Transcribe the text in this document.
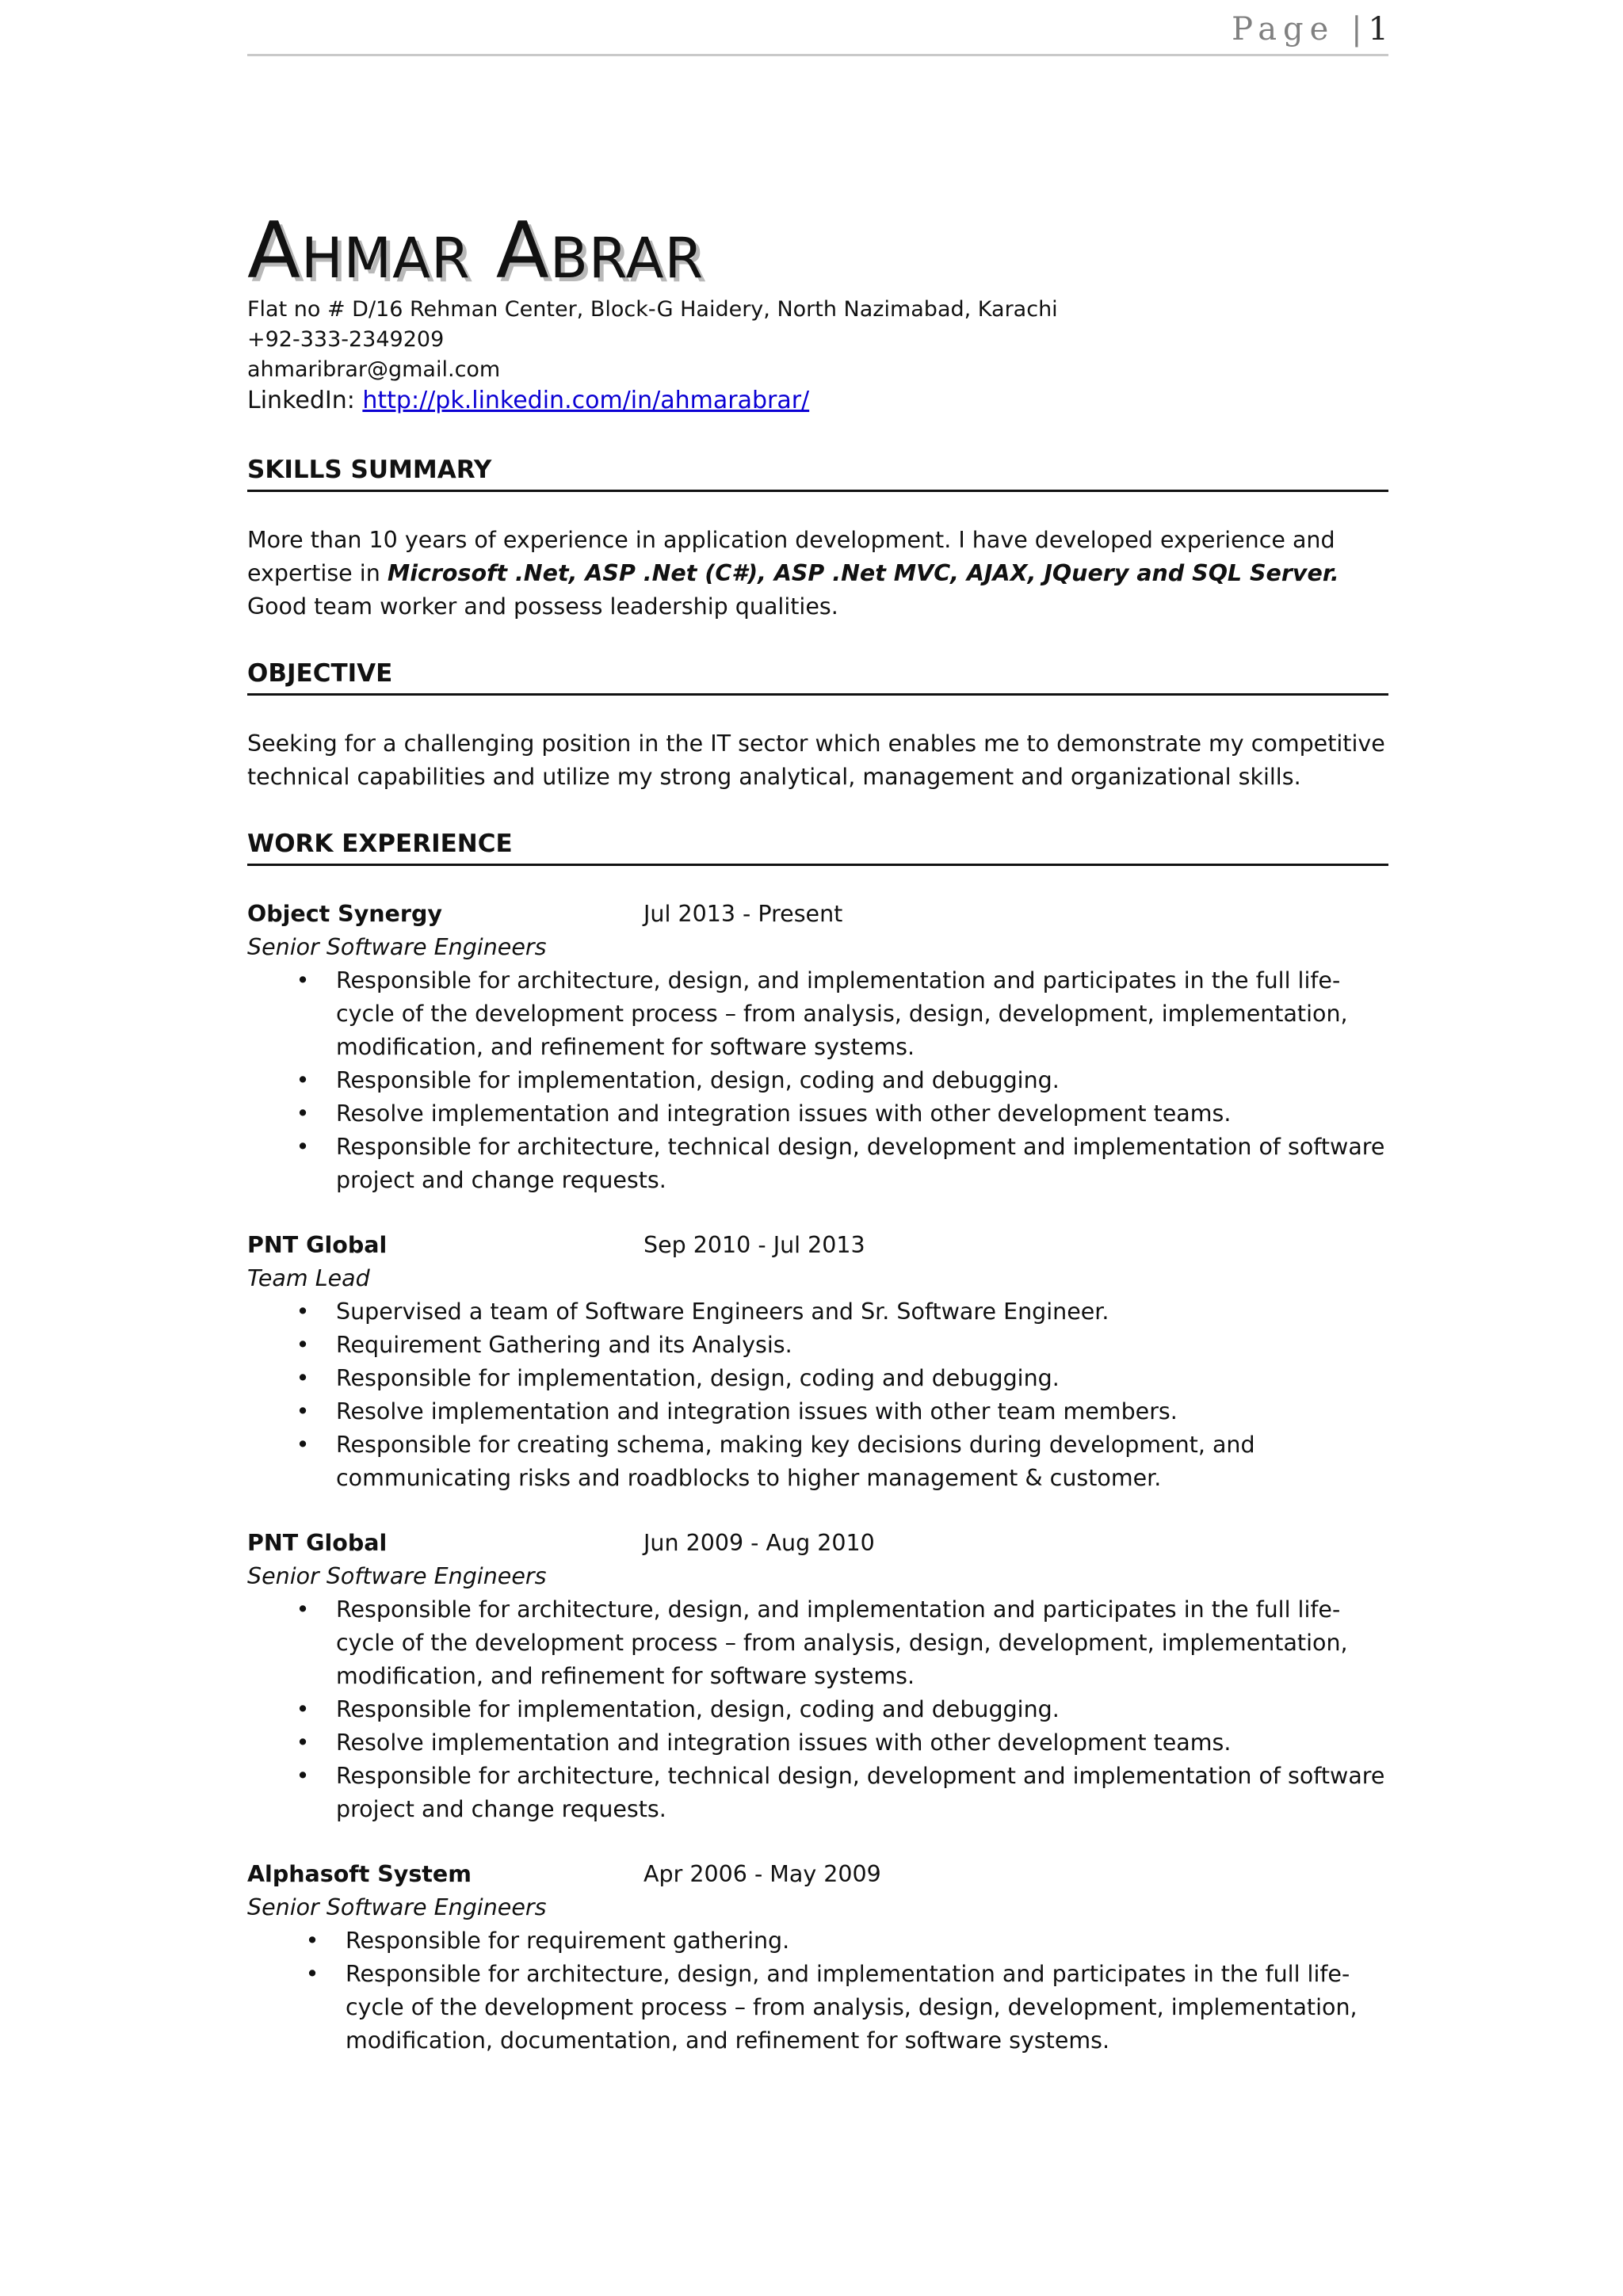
Page |1
AHMAR ABRAR
Flat no # D/16 Rehman Center, Block-G Haidery, North Nazimabad, Karachi
+92-333-2349209
ahmaribrar@gmail.com
LinkedIn: http://pk.linkedin.com/in/ahmarabrar/
SKILLS SUMMARY

More than 10 years of experience in application development. I have developed experience and expertise in Microsoft .Net, ASP .Net (C#), ASP .Net MVC, AJAX, JQuery and SQL Server. Good team worker and possess leadership qualities.

OBJECTIVE

Seeking for a challenging position in the IT sector which enables me to demonstrate my competitive technical capabilities and utilize my strong analytical, management and organizational skills.

WORK EXPERIENCE
Object Synergy	Jul 2013 - Present

Senior Software Engineers

•	Responsible for architecture, design, and implementation and participates in the full life-cycle of the development process – from analysis, design, development, implementation, modification, and refinement for software systems.
•	Responsible for implementation, design, coding and debugging.
•	Resolve implementation and integration issues with other development teams.
•	Responsible for architecture, technical design, development and implementation of software project and change requests.
PNT Global	Sep 2010 - Jul 2013

Team Lead

•	Supervised a team of Software Engineers and Sr. Software Engineer.
•	Requirement Gathering and its Analysis.
•	Responsible for implementation, design, coding and debugging.
•	Resolve implementation and integration issues with other team members.
•	Responsible for creating schema, making key decisions during development, and communicating risks and roadblocks to higher management & customer.
PNT Global	Jun 2009 - Aug 2010

Senior Software Engineers

•	Responsible for architecture, design, and implementation and participates in the full life-cycle of the development process – from analysis, design, development, implementation, modification, and refinement for software systems.
•	Responsible for implementation, design, coding and debugging.
•	Resolve implementation and integration issues with other development teams.
•	Responsible for architecture, technical design, development and implementation of software project and change requests.
Alphasoft System	Apr 2006 - May 2009

Senior Software Engineers

•	Responsible for requirement gathering.
•	Responsible for architecture, design, and implementation and participates in the full life-cycle of the development process – from analysis, design, development, implementation, modification, documentation, and refinement for software systems.
